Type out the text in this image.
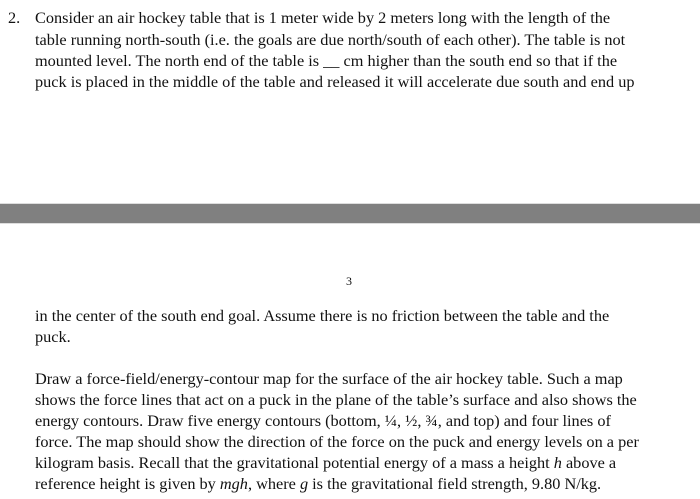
2. Consider an air hockey table that is 1 meter wide by 2 meters long with the length of the
table running north-south (i.e. the goals are due north/south of each other). The table is not
mounted level. The north end of the table is __ cm higher than the south end so that if the
puck is placed in the middle of the table and released it will accelerate due south and end up
3
in the center of the south end goal. Assume there is no friction between the table and the
puck.
Draw a force-field/energy-contour map for the surface of the air hockey table. Such a map
shows the force lines that act on a puck in the plane of the table’s surface and also shows the
energy contours. Draw five energy contours (bottom, ¼, ½, ¾, and top) and four lines of
force. The map should show the direction of the force on the puck and energy levels on a per
kilogram basis. Recall that the gravitational potential energy of a mass a height h above a
reference height is given by mgh, where g is the gravitational field strength, 9.80 N/kg.
